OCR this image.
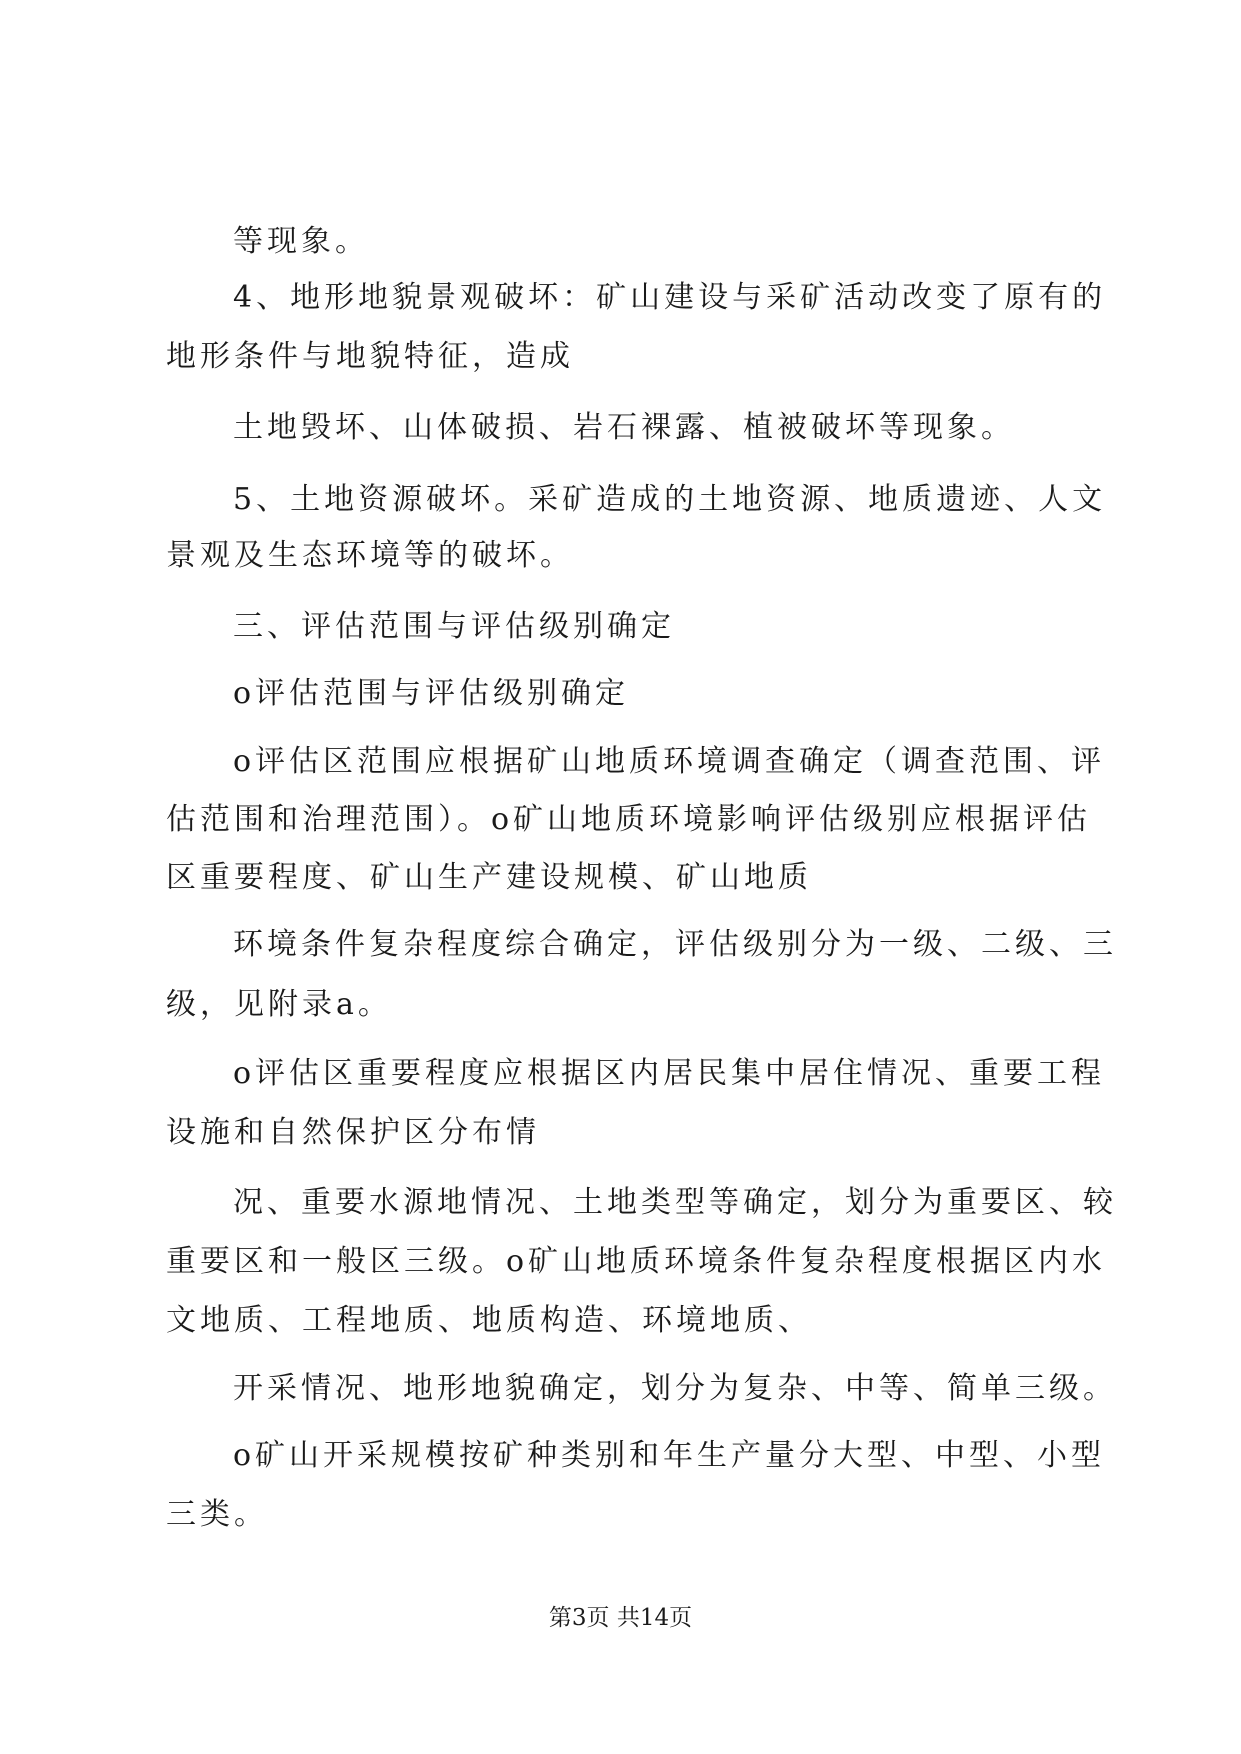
等现象。
4、地形地貌景观破坏：矿山建设与采矿活动改变了原有的
地形条件与地貌特征，造成
土地毁坏、山体破损、岩石裸露、植被破坏等现象。
5、土地资源破坏。采矿造成的土地资源、地质遗迹、人文
景观及生态环境等的破坏。
三、评估范围与评估级别确定
o评估范围与评估级别确定
o评估区范围应根据矿山地质环境调查确定（调查范围、评
估范围和治理范围）。o矿山地质环境影响评估级别应根据评估
区重要程度、矿山生产建设规模、矿山地质
环境条件复杂程度综合确定，评估级别分为一级、二级、三
级，见附录a。
o评估区重要程度应根据区内居民集中居住情况、重要工程
设施和自然保护区分布情
况、重要水源地情况、土地类型等确定，划分为重要区、较
重要区和一般区三级。o矿山地质环境条件复杂程度根据区内水
文地质、工程地质、地质构造、环境地质、
开采情况、地形地貌确定，划分为复杂、中等、简单三级。
o矿山开采规模按矿种类别和年生产量分大型、中型、小型
三类。
第3页 共14页
